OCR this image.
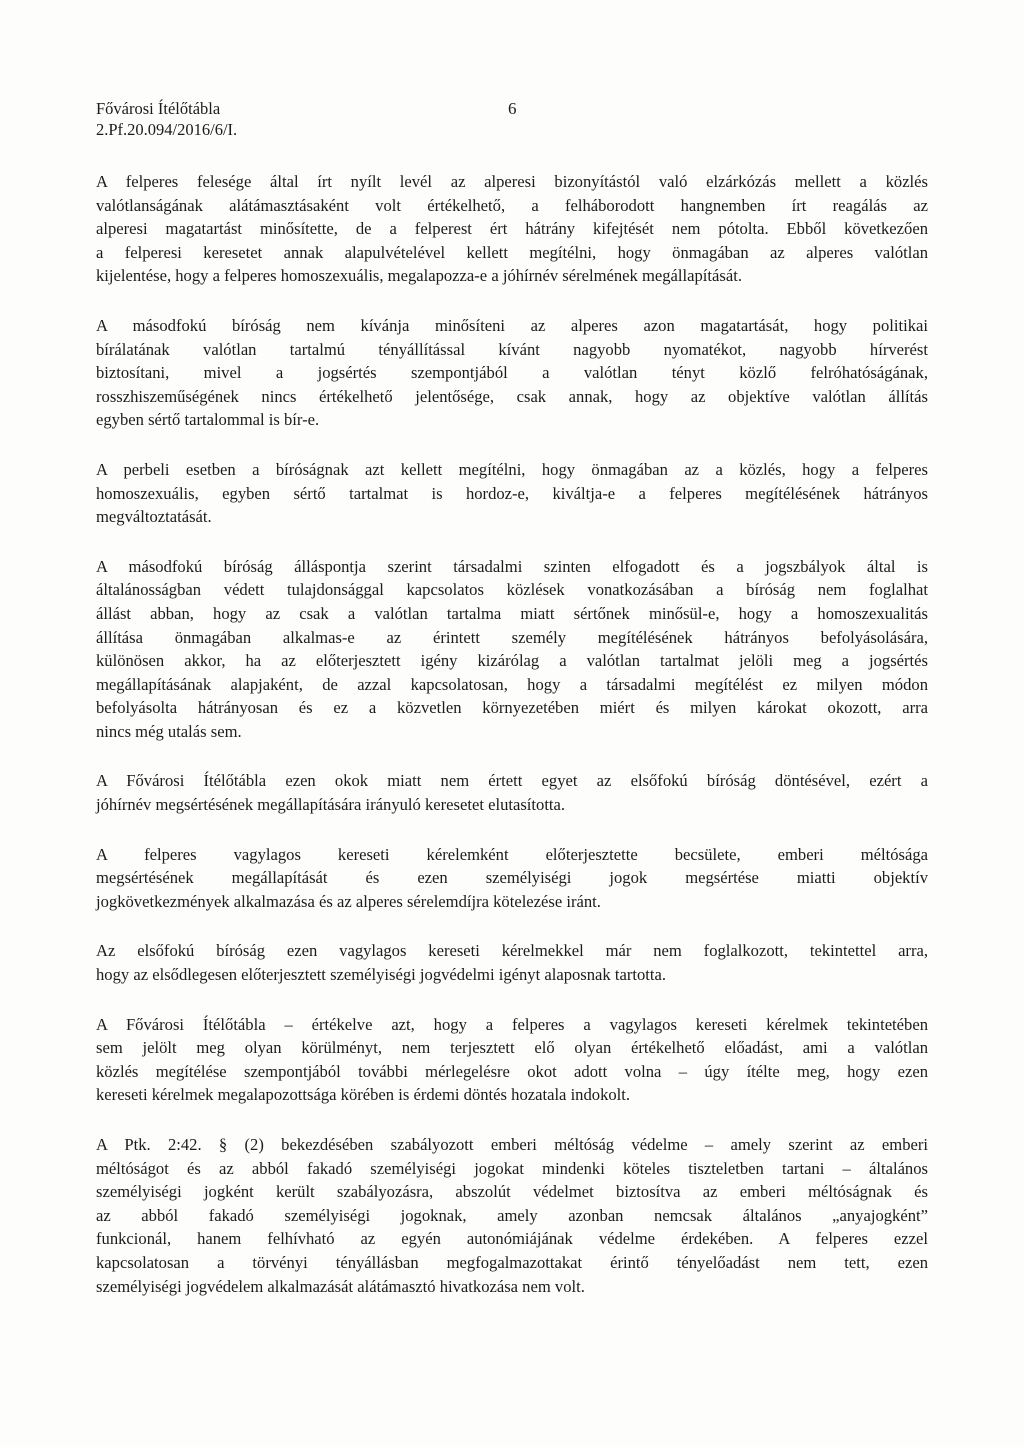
Fővárosi Ítélőtábla
2.Pf.20.094/2016/6/I.
6

A felperes felesége által írt nyílt levél az alperesi bizonyítástól való elzárkózás mellett a közlés
valótlanságának alátámasztásaként volt értékelhető, a felháborodott hangnemben írt reagálás az
alperesi magatartást minősítette, de a felperest ért hátrány kifejtését nem pótolta. Ebből következően
a felperesi keresetet annak alapulvételével kellett megítélni, hogy önmagában az alperes valótlan
kijelentése, hogy a felperes homoszexuális, megalapozza-e a jóhírnév sérelmének megállapítását.

A másodfokú bíróság nem kívánja minősíteni az alperes azon magatartását, hogy politikai
bírálatának valótlan tartalmú tényállítással kívánt nagyobb nyomatékot, nagyobb hírverést
biztosítani, mivel a jogsértés szempontjából a valótlan tényt közlő felróhatóságának,
rosszhiszeműségének nincs értékelhető jelentősége, csak annak, hogy az objektíve valótlan állítás
egyben sértő tartalommal is bír-e.

A perbeli esetben a bíróságnak azt kellett megítélni, hogy önmagában az a közlés, hogy a felperes
homoszexuális, egyben sértő tartalmat is hordoz-e, kiváltja-e a felperes megítélésének hátrányos
megváltoztatását.

A másodfokú bíróság álláspontja szerint társadalmi szinten elfogadott és a jogszbályok által is
általánosságban védett tulajdonsággal kapcsolatos közlések vonatkozásában a bíróság nem foglalhat
állást abban, hogy az csak a valótlan tartalma miatt sértőnek minősül-e, hogy a homoszexualitás
állítása önmagában alkalmas-e az érintett személy megítélésének hátrányos befolyásolására,
különösen akkor, ha az előterjesztett igény kizárólag a valótlan tartalmat jelöli meg a jogsértés
megállapításának alapjaként, de azzal kapcsolatosan, hogy a társadalmi megítélést ez milyen módon
befolyásolta hátrányosan és ez a közvetlen környezetében miért és milyen károkat okozott, arra
nincs még utalás sem.

A Fővárosi Ítélőtábla ezen okok miatt nem értett egyet az elsőfokú bíróság döntésével, ezért a
jóhírnév megsértésének megállapítására irányuló keresetet elutasította.

A felperes vagylagos kereseti kérelemként előterjesztette becsülete, emberi méltósága
megsértésének megállapítását és ezen személyiségi jogok megsértése miatti objektív
jogkövetkezmények alkalmazása és az alperes sérelemdíjra kötelezése iránt.

Az elsőfokú bíróság ezen vagylagos kereseti kérelmekkel már nem foglalkozott, tekintettel arra,
hogy az elsődlegesen előterjesztett személyiségi jogvédelmi igényt alaposnak tartotta.

A Fővárosi Ítélőtábla – értékelve azt, hogy a felperes a vagylagos kereseti kérelmek tekintetében
sem jelölt meg olyan körülményt, nem terjesztett elő olyan értékelhető előadást, ami a valótlan
közlés megítélése szempontjából további mérlegelésre okot adott volna – úgy ítélte meg, hogy ezen
kereseti kérelmek megalapozottsága körében is érdemi döntés hozatala indokolt.

A Ptk. 2:42. § (2) bekezdésében szabályozott emberi méltóság védelme – amely szerint az emberi
méltóságot és az abból fakadó személyiségi jogokat mindenki köteles tiszteletben tartani – általános
személyiségi jogként került szabályozásra, abszolút védelmet biztosítva az emberi méltóságnak és
az abból fakadó személyiségi jogoknak, amely azonban nemcsak általános „anyajogként”
funkcionál, hanem felhívható az egyén autonómiájának védelme érdekében. A felperes ezzel
kapcsolatosan a törvényi tényállásban megfogalmazottakat érintő tényelőadást nem tett, ezen
személyiségi jogvédelem alkalmazását alátámasztó hivatkozása nem volt.
